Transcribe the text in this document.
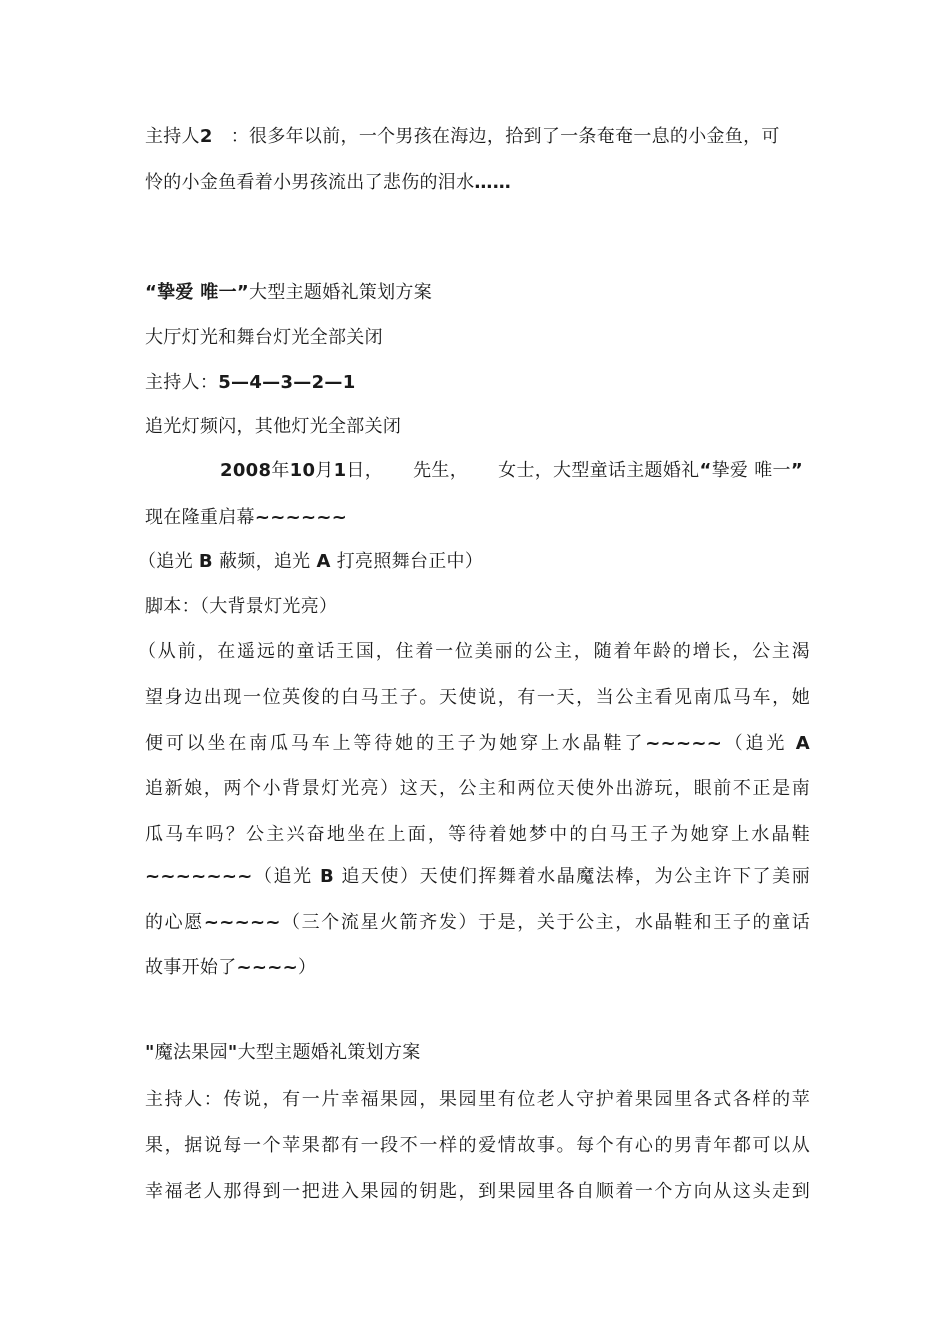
主持人2 ：很多年以前，一个男孩在海边，拾到了一条奄奄一息的小金鱼，可
怜的小金鱼看着小男孩流出了悲伤的泪水……
“挚爱 唯一”大型主题婚礼策划方案
大厅灯光和舞台灯光全部关闭
主持人：5—4—3—2—1
追光灯频闪，其他灯光全部关闭
2008年10月1日，     先生，     女士，大型童话主题婚礼“挚爱 唯一”
现在隆重启幕~~~~~~
（追光 B 蔽频，追光 A 打亮照舞台正中）
脚本：（大背景灯光亮）
（从前，在遥远的童话王国，住着一位美丽的公主，随着年龄的增长，公主渴
望身边出现一位英俊的白马王子。天使说，有一天，当公主看见南瓜马车，她
便可以坐在南瓜马车上等待她的王子为她穿上水晶鞋了~~~~~（追光 A
追新娘，两个小背景灯光亮）这天，公主和两位天使外出游玩，眼前不正是南
瓜马车吗？公主兴奋地坐在上面，等待着她梦中的白马王子为她穿上水晶鞋
~~~~~~~（追光 B 追天使）天使们挥舞着水晶魔法棒，为公主许下了美丽
的心愿~~~~~（三个流星火箭齐发）于是，关于公主，水晶鞋和王子的童话
故事开始了~~~~）
"魔法果园"大型主题婚礼策划方案
主持人：传说，有一片幸福果园，果园里有位老人守护着果园里各式各样的苹
果，据说每一个苹果都有一段不一样的爱情故事。每个有心的男青年都可以从
幸福老人那得到一把进入果园的钥匙，到果园里各自顺着一个方向从这头走到
